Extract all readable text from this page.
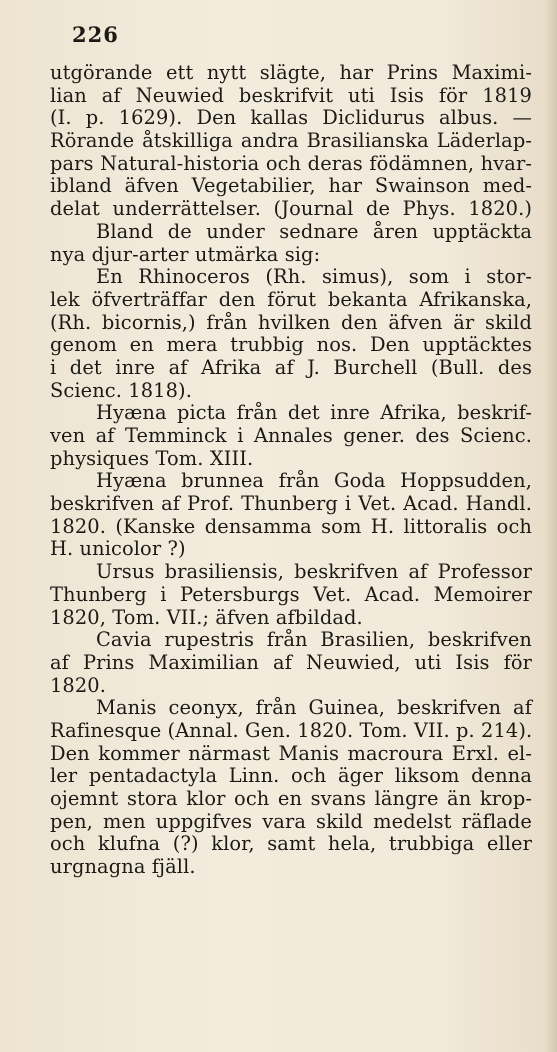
226
utgörande ett nytt slägte, har Prins Maximi-
lian af Neuwied beskrifvit uti Isis för 1819
(I. p. 1629). Den kallas Diclidurus albus. —
Rörande åtskilliga andra Brasilianska Läderlap-
pars Natural-historia och deras födämnen, hvar-
ibland äfven Vegetabilier, har Swainson med-
delat underrättelser. (Journal de Phys. 1820.)
Bland de under sednare åren upptäckta
nya djur-arter utmärka sig:
En Rhinoceros (Rh. simus), som i stor-
lek öfverträffar den förut bekanta Afrikanska,
(Rh. bicornis,) från hvilken den äfven är skild
genom en mera trubbig nos. Den upptäcktes
i det inre af Afrika af J. Burchell (Bull. des
Scienc. 1818).
Hyæna picta från det inre Afrika, beskrif-
ven af Temminck i Annales gener. des Scienc.
physiques Tom. XIII.
Hyæna brunnea från Goda Hoppsudden,
beskrifven af Prof. Thunberg i Vet. Acad. Handl.
1820. (Kanske densamma som H. littoralis och
H. unicolor ?)
Ursus brasiliensis, beskrifven af Professor
Thunberg i Petersburgs Vet. Acad. Memoirer
1820, Tom. VII.; äfven afbildad.
Cavia rupestris från Brasilien, beskrifven
af Prins Maximilian af Neuwied, uti Isis för
1820.
Manis ceonyx, från Guinea, beskrifven af
Rafinesque (Annal. Gen. 1820. Tom. VII. p. 214).
Den kommer närmast Manis macroura Erxl. el-
ler pentadactyla Linn. och äger liksom denna
ojemnt stora klor och en svans längre än krop-
pen, men uppgifves vara skild medelst räflade
och klufna (?) klor, samt hela, trubbiga eller
urgnagna fjäll.
